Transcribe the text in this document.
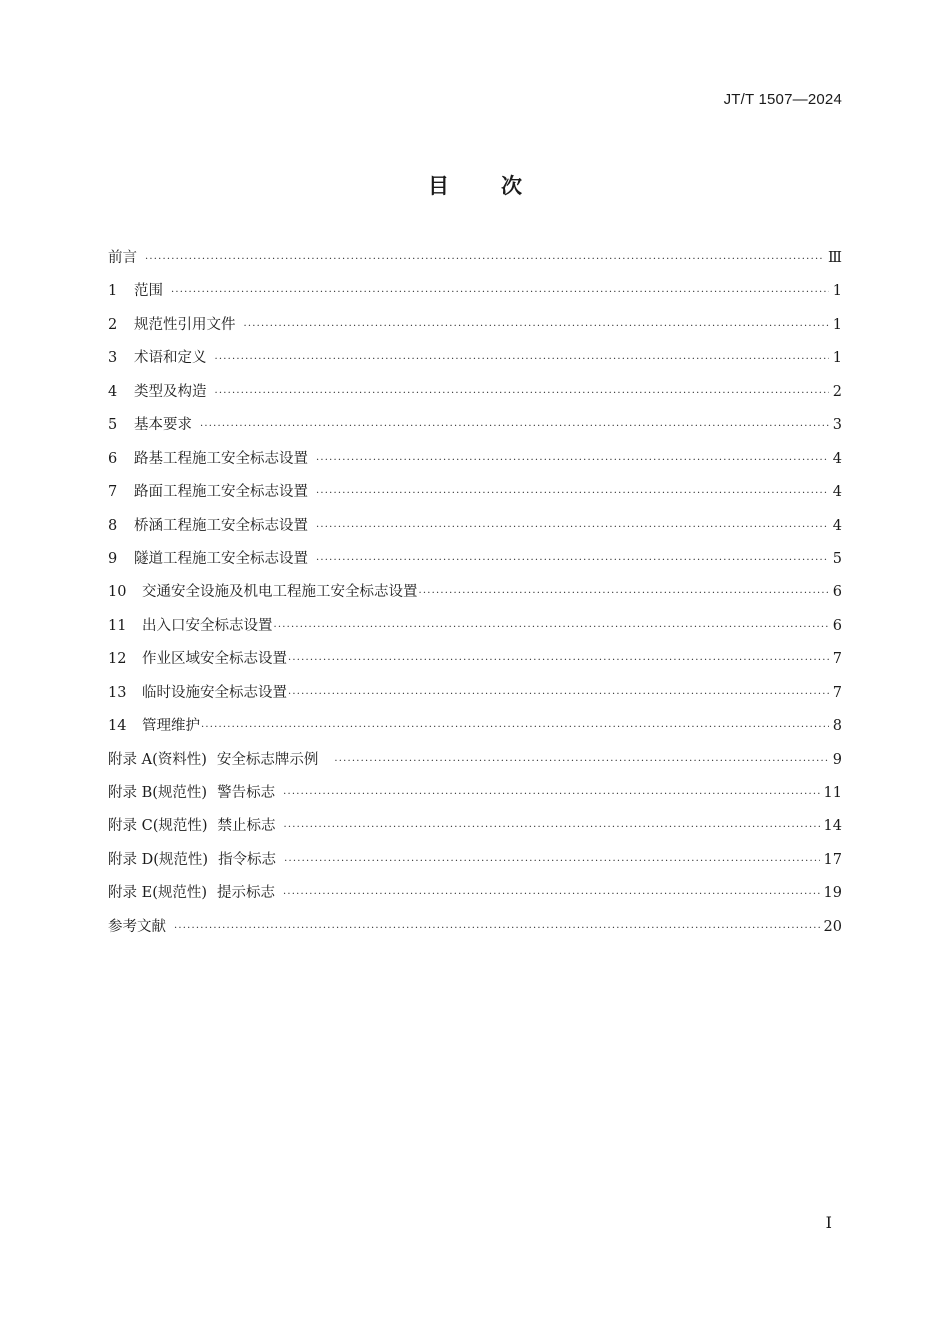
JT/T 1507—2024
目 次
前言 ·····	Ⅲ
1 范围 ·····	1
2 规范性引用文件 ·····	1
3 术语和定义 ·····	1
4 类型及构造 ·····	2
5 基本要求 ·····	3
6 路基工程施工安全标志设置 ·····	4
7 路面工程施工安全标志设置 ·····	4
8 桥涵工程施工安全标志设置 ·····	4
9 隧道工程施工安全标志设置 ·····	5
10 交通安全设施及机电工程施工安全标志设置 ·····	6
11 出入口安全标志设置 ·····	6
12 作业区域安全标志设置 ·····	7
13 临时设施安全标志设置 ·····	7
14 管理维护 ·····	8
附录 A(资料性) 安全标志牌示例 ·····	9
附录 B(规范性) 警告标志 ·····	11
附录 C(规范性) 禁止标志 ·····	14
附录 D(规范性) 指令标志 ·····	17
附录 E(规范性) 提示标志 ·····	19
参考文献 ·····	20
I
